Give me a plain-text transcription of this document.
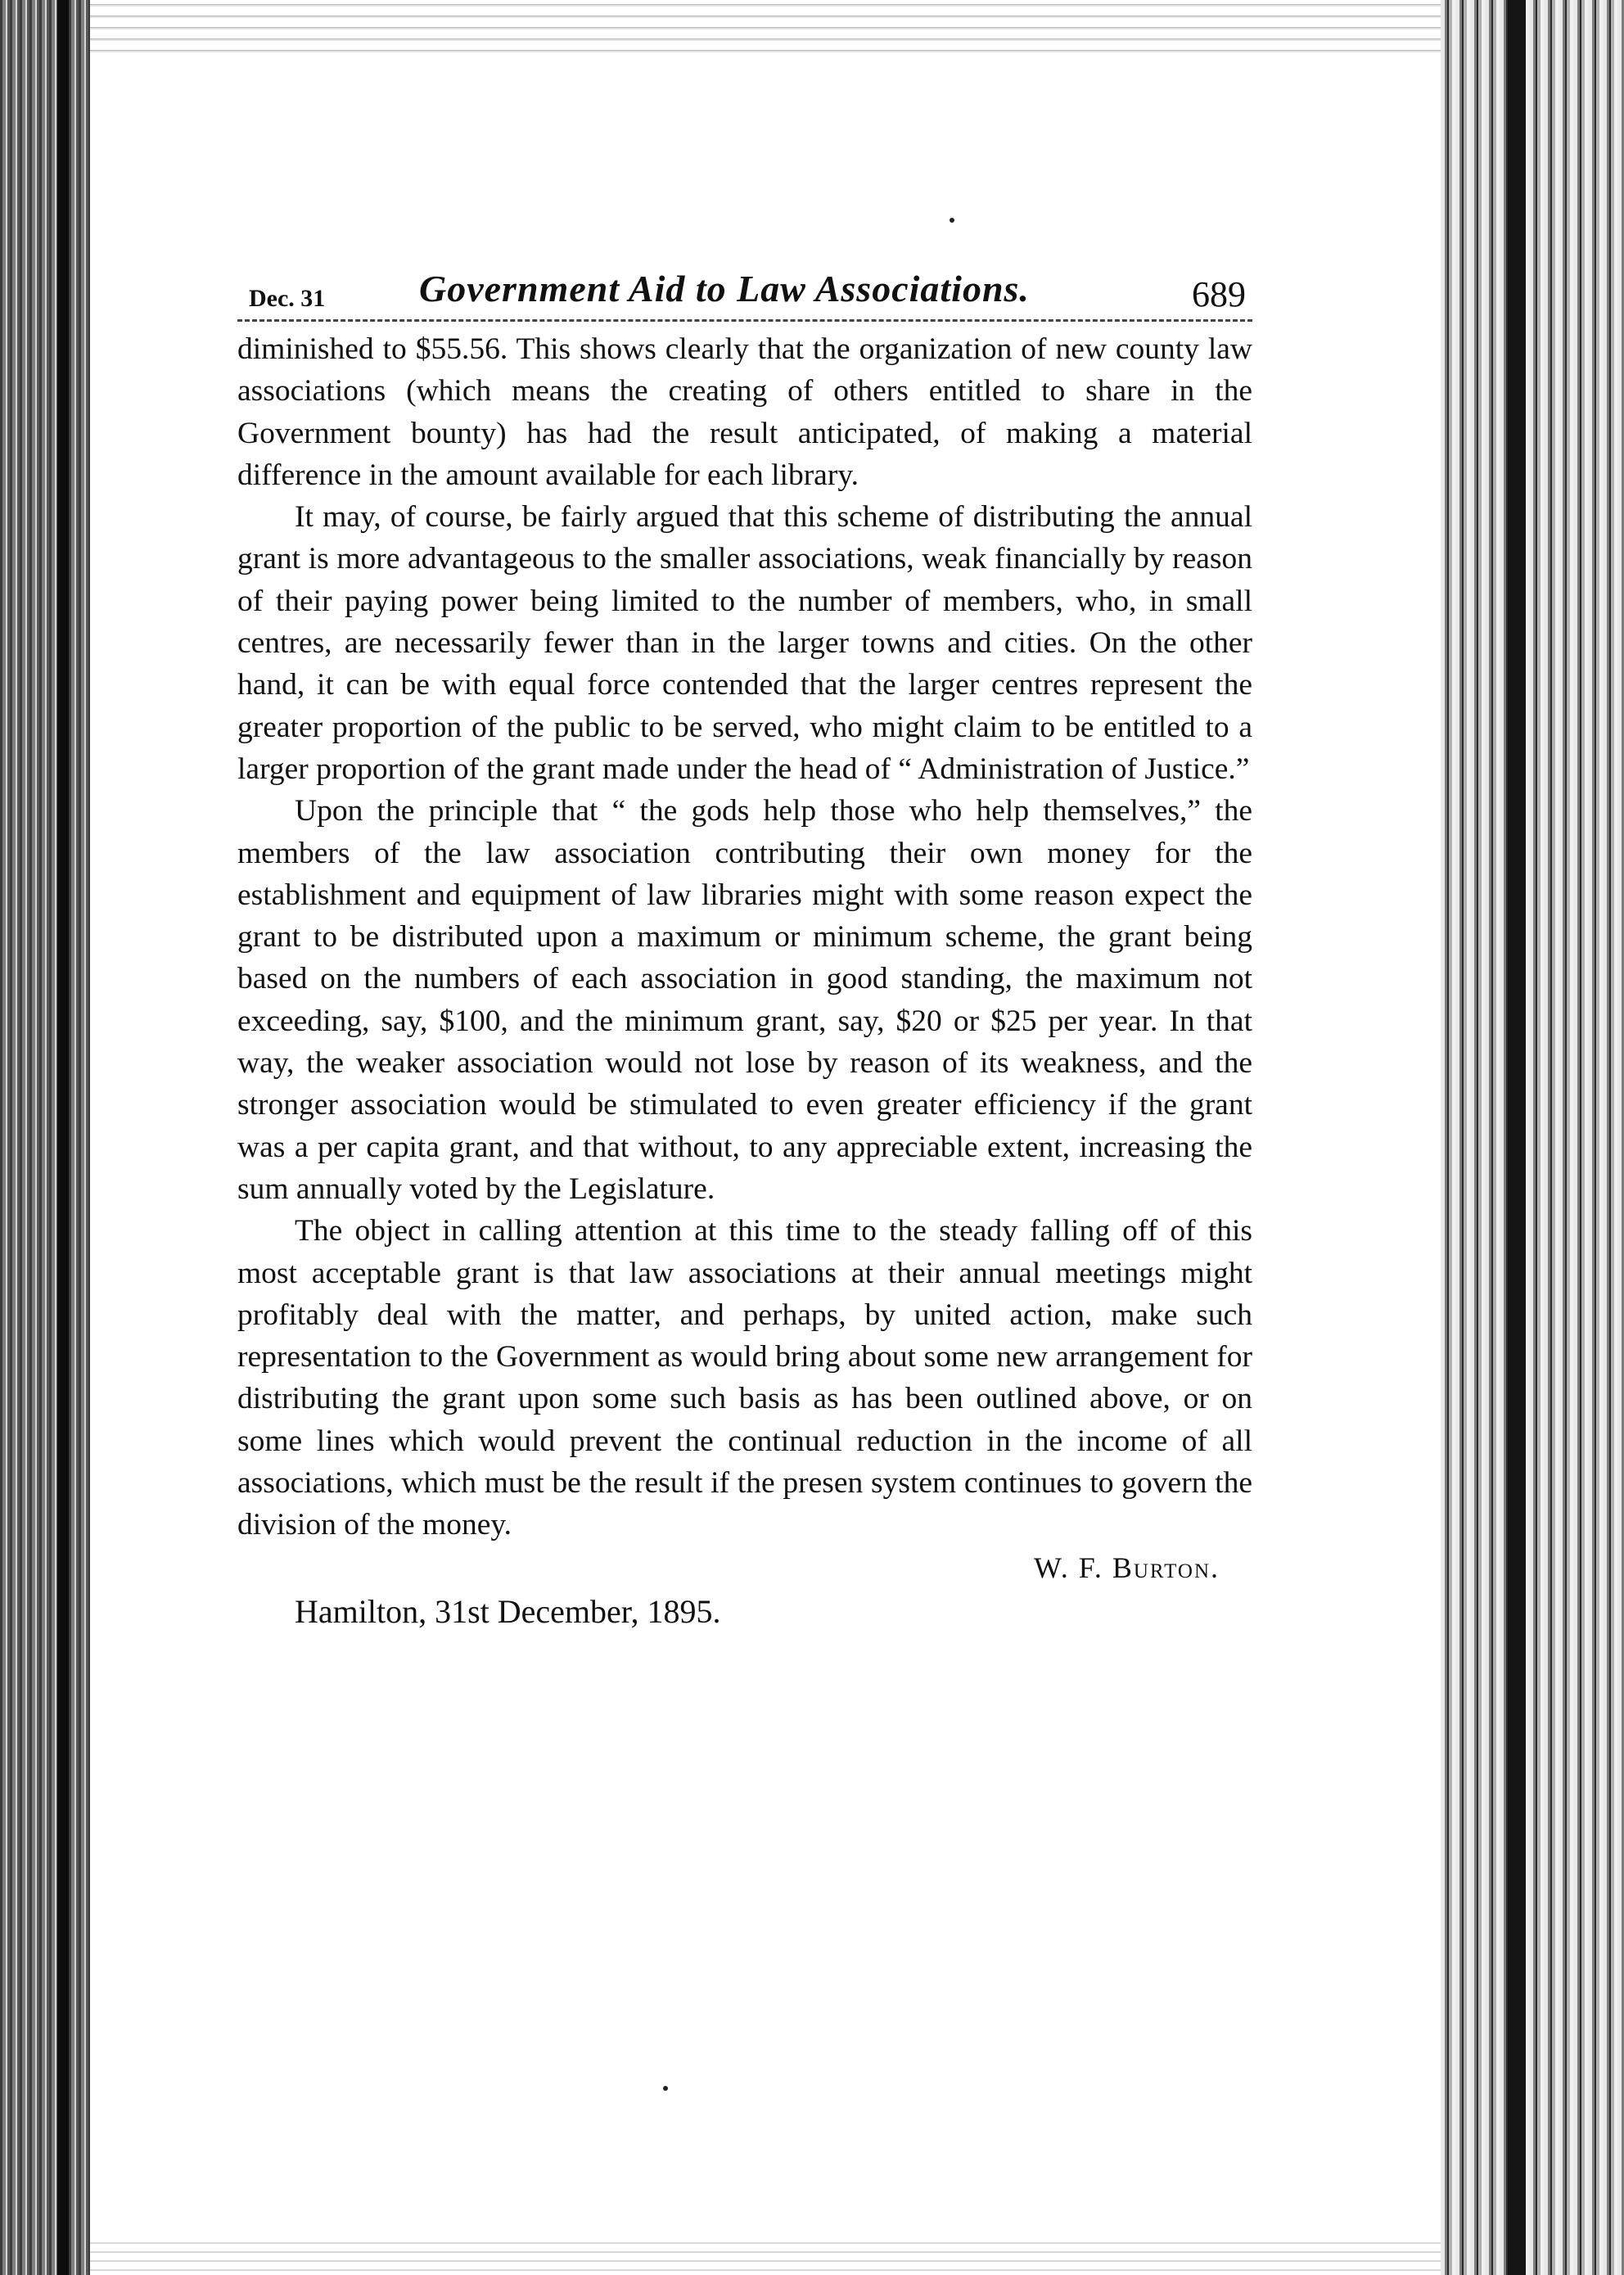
Dec. 31 Government Aid to Law Associations.	689

diminished to $55.56. This shows clearly that the organization of new county law associations (which means the creating of others entitled to share in the Government bounty) has had the result anticipated, of making a material difference in the amount available for each library.

It may, of course, be fairly argued that this scheme of distributing the annual grant is more advantageous to the smaller associations, weak financially by reason of their paying power being limited to the number of members, who, in small centres, are necessarily fewer than in the larger towns and cities. On the other hand, it can be with equal force contended that the larger centres represent the greater proportion of the public to be served, who might claim to be entitled to a larger proportion of the grant made under the head of “ Administration of Justice.”

Upon the principle that “ the gods help those who help themselves,” the members of the law association contributing their own money for the establishment and equipment of law libraries might with some reason expect the grant to be distributed upon a maximum or minimum scheme, the grant being based on the numbers of each association in good standing, the maximum not exceeding, say, $100, and the minimum grant, say, $20 or $25 per year. In that way, the weaker association would not lose by reason of its weakness, and the stronger association would be stimulated to even greater efficiency if the grant was a per capita grant, and that without, to any appreciable extent, increasing the sum annually voted by the Legislature.

The object in calling attention at this time to the steady falling off of this most acceptable grant is that law associations at their annual meetings might profitably deal with the matter, and perhaps, by united action, make such representation to the Government as would bring about some new arrangement for distributing the grant upon some such basis as has been outlined above, or on some lines which would prevent the continual reduction in the income of all associations, which must be the result if the presen system continues to govern the division of the money.

W. F. Burton.
Hamilton, 31st December, 1895.
